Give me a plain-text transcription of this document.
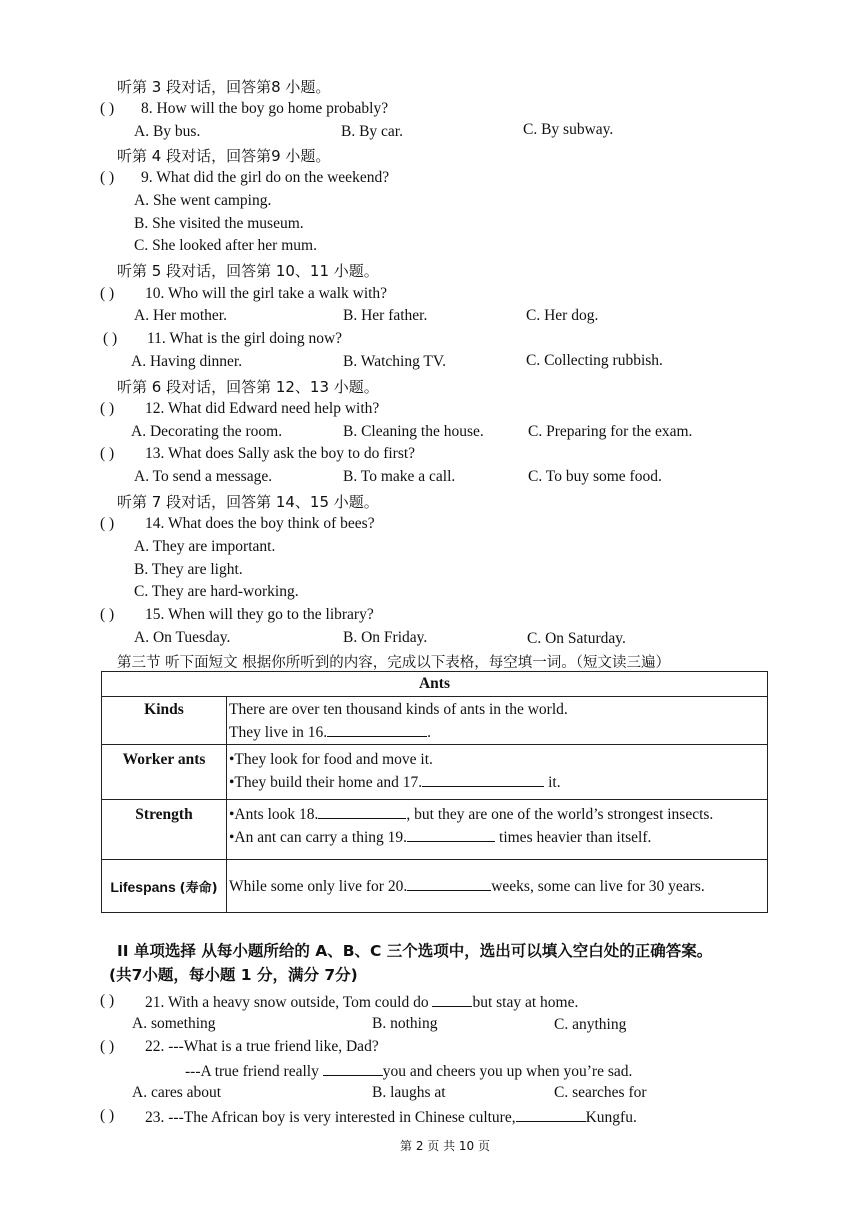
听第 3 段对话，回答第8 小题。
( ) 8. How will the boy go home probably?
A. By bus.	B. By car.	C. By subway.
听第 4 段对话，回答第9 小题。
( ) 9. What did the girl do on the weekend?
A. She went camping.
B. She visited the museum.
C. She looked after her mum.
听第 5 段对话，回答第 10、11 小题。
( ) 10. Who will the girl take a walk with?
A. Her mother.	B. Her father.	C. Her dog.
( ) 11. What is the girl doing now?
A. Having dinner.	B. Watching TV.	C. Collecting rubbish.
听第 6 段对话，回答第 12、13 小题。
( ) 12. What did Edward need help with?
A. Decorating the room.	B. Cleaning the house.	C. Preparing for the exam.
( ) 13. What does Sally ask the boy to do first?
A. To send a message.	B. To make a call.	C. To buy some food.
听第 7 段对话，回答第 14、15 小题。
( ) 14. What does the boy think of bees?
A. They are important.
B. They are light.
C. They are hard-working.
( ) 15. When will they go to the library?
A. On Tuesday.	B. On Friday.	C. On Saturday.
第三节 听下面短文 根据你所听到的内容，完成以下表格，每空填一词。（短文读三遍）
Ants	
Kinds	There are over ten thousand kinds of ants in the world.
They live in 16. .

Worker ants	•They look for food and move it.
•They build their home and 17. it.

Strength	•Ants look 18. , but they are one of the world’s strongest insects.
•An ant can carry a thing 19. times heavier than itself.

Lifespans (寿命)	While some only live for 20. weeks, some can live for 30 years.
II 单项选择 从每小题所给的 A、B、C 三个选项中，选出可以填入空白处的正确答案。
(共7小题，每小题 1 分，满分 7分)
( ) 21. With a heavy snow outside, Tom could do	but stay at home.
A. something	B. nothing	C. anything
( ) 22. ---What is a true friend like, Dad?
---A true friend really	you and cheers you up when you’re sad.
A. cares about	B. laughs at	C. searches for
( ) 23. ---The African boy is very interested in Chinese culture,	Kungfu.
第 2 页 共 10 页
